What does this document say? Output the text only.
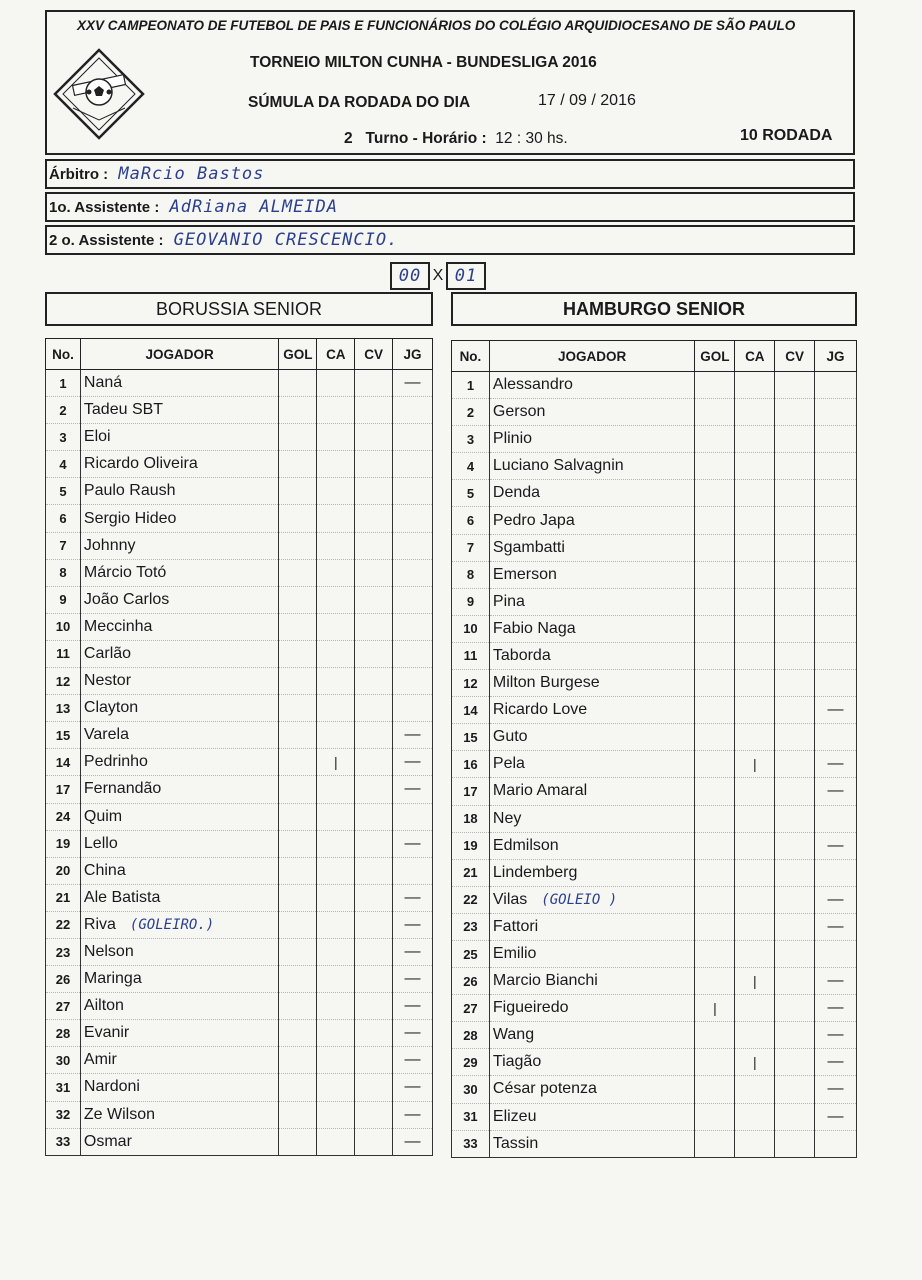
XXV CAMPEONATO DE FUTEBOL DE PAIS E FUNCIONÁRIOS DO COLÉGIO ARQUIDIOCESANO DE SÃO PAULO
TORNEIO MILTON CUNHA - BUNDESLIGA 2016
SÚMULA DA RODADA DO DIA	17 / 09 / 2016
2 Turno - Horário : 12 : 30 hs.	10 RODADA
Árbitro : MaRcio Bastos
1o. Assistente : AdRiana ALMEIDA
2 o. Assistente : GEOVANIO CRESCENCIO.
00 X 01
BORUSSIA SENIOR	HAMBURGO SENIOR
No.	JOGADOR	GOL	CA	CV	JG
1	Naná				—
2	Tadeu SBT				
3	Eloi				
4	Ricardo Oliveira				
5	Paulo Raush				
6	Sergio Hideo				
7	Johnny				
8	Márcio Totó				
9	João Carlos				
10	Meccinha				
11	Carlão				
12	Nestor				
13	Clayton				
15	Varela				—
14	Pedrinho		|		—
17	Fernandão				—
24	Quim				
19	Lello				—
20	China				
21	Ale Batista				—
22	Riva (GOLEIRO.)				—
23	Nelson				—
26	Maringa				—
27	Ailton				—
28	Evanir				—
30	Amir				—
31	Nardoni				—
32	Ze Wilson				—
33	Osmar				—
No.	JOGADOR	GOL	CA	CV	JG
1	Alessandro				
2	Gerson				
3	Plinio				
4	Luciano Salvagnin				
5	Denda				
6	Pedro Japa				
7	Sgambatti				
8	Emerson				
9	Pina				
10	Fabio Naga				
11	Taborda				
12	Milton Burgese				
14	Ricardo Love				—
15	Guto				
16	Pela		|		—
17	Mario Amaral				—
18	Ney				
19	Edmilson				—
21	Lindemberg				
22	Vilas (GOLEIO )				—
23	Fattori				—
25	Emilio				
26	Marcio Bianchi		|		—
27	Figueiredo	|			—
28	Wang				—
29	Tiagão		|		—
30	César potenza				—
31	Elizeu				—
33	Tassin				
